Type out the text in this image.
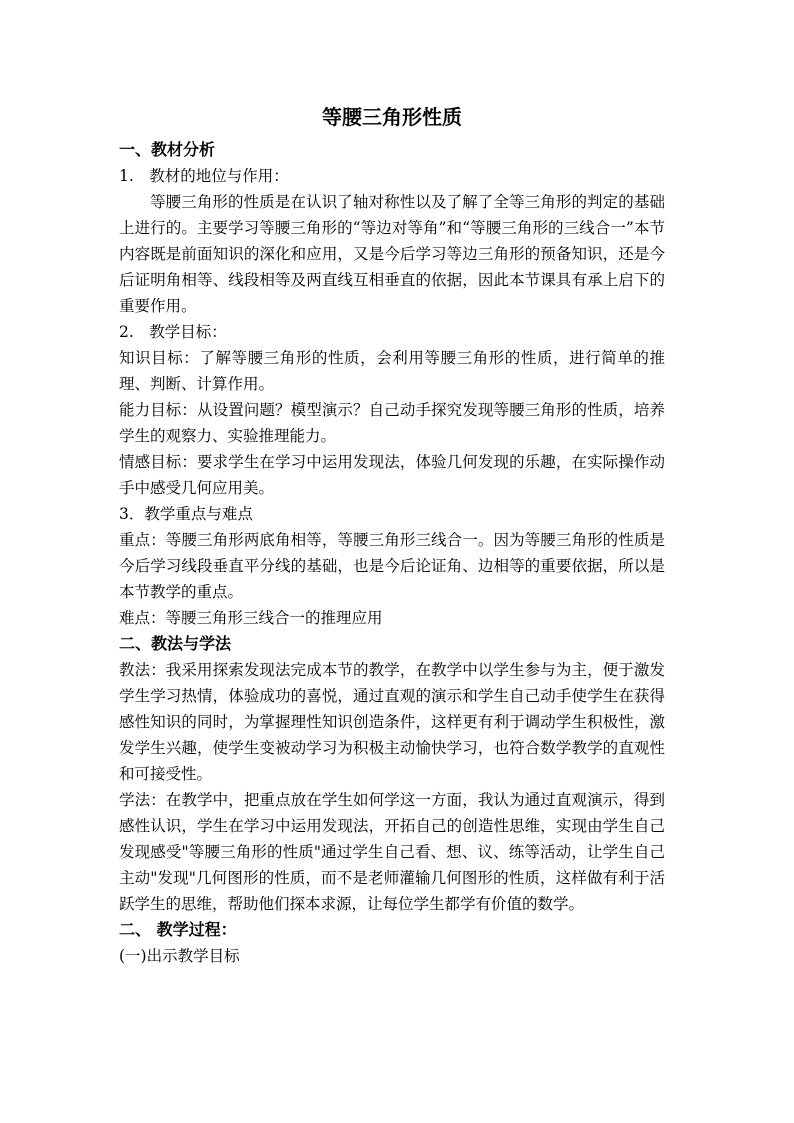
等腰三角形性质
一、教材分析

1.　教材的地位与作用：

等腰三角形的性质是在认识了轴对称性以及了解了全等三角形的判定的基础上进行的。主要学习等腰三角形的“等边对等角”和“等腰三角形的三线合一”本节内容既是前面知识的深化和应用，又是今后学习等边三角形的预备知识，还是今后证明角相等、线段相等及两直线互相垂直的依据，因此本节课具有承上启下的重要作用。

2.　教学目标：

知识目标：了解等腰三角形的性质，会利用等腰三角形的性质，进行简单的推理、判断、计算作用。

能力目标：从设置问题？模型演示？自己动手探究发现等腰三角形的性质，培养学生的观察力、实验推理能力。

情感目标：要求学生在学习中运用发现法，体验几何发现的乐趣，在实际操作动手中感受几何应用美。

3．教学重点与难点

重点：等腰三角形两底角相等，等腰三角形三线合一。因为等腰三角形的性质是今后学习线段垂直平分线的基础，也是今后论证角、边相等的重要依据，所以是本节教学的重点。

难点：等腰三角形三线合一的推理应用

二、教法与学法

教法：我采用探索发现法完成本节的教学，在教学中以学生参与为主，便于激发学生学习热情，体验成功的喜悦，通过直观的演示和学生自己动手使学生在获得感性知识的同时，为掌握理性知识创造条件，这样更有利于调动学生积极性，激发学生兴趣，使学生变被动学习为积极主动愉快学习，也符合数学教学的直观性和可接受性。

学法：在教学中，把重点放在学生如何学这一方面，我认为通过直观演示，得到感性认识，学生在学习中运用发现法，开拓自己的创造性思维，实现由学生自己发现感受"等腰三角形的性质"通过学生自己看、想、议、练等活动，让学生自己主动"发现"几何图形的性质，而不是老师灌输几何图形的性质，这样做有利于活跃学生的思维，帮助他们探本求源，让每位学生都学有价值的数学。

二、 教学过程：

(一)出示教学目标
